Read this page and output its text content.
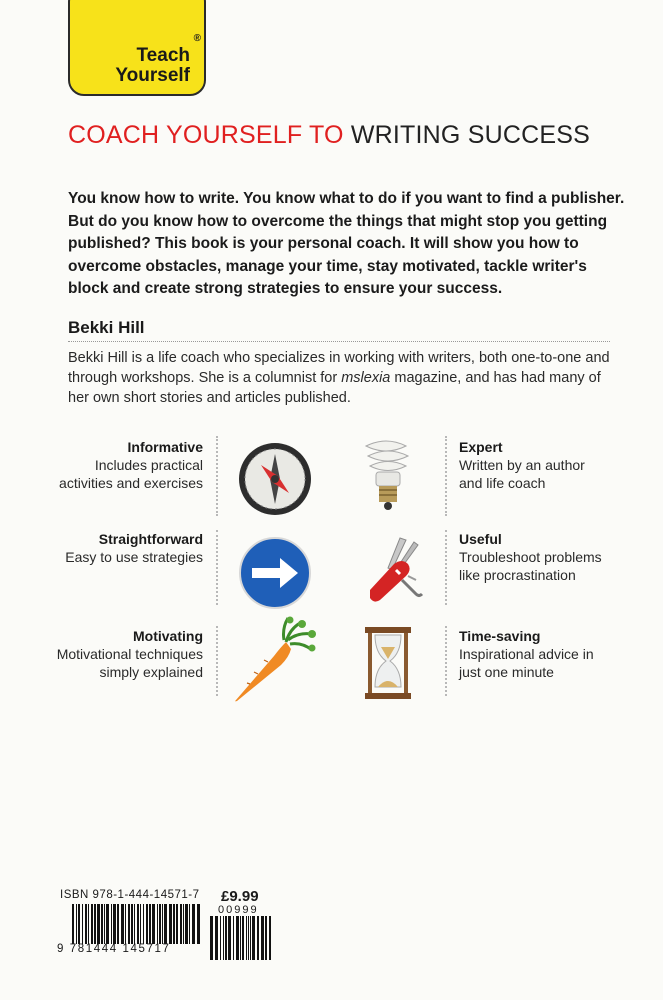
Teach
Yourself
®
COACH YOURSELF TO WRITING SUCCESS
You know how to write. You know what to do if you want to find a publisher. But do you know how to overcome the things that might stop you getting published? This book is your personal coach. It will show you how to overcome obstacles, manage your time, stay motivated, tackle writer's block and create strong strategies to ensure your success.
Bekki Hill
Bekki Hill is a life coach who specializes in working with writers, both one-to-one and through workshops. She is a columnist for mslexia magazine, and has had many of her own short stories and articles published.
Informative
Includes practical activities and exercises
Straightforward
Easy to use strategies
Motivating
Motivational techniques simply explained
Expert
Written by an author and life coach
Useful
Troubleshoot problems like procrastination
Time-saving
Inspirational advice in just one minute
ISBN 978-1-444-14571-7 £9.99
9 781444 145717
00999
